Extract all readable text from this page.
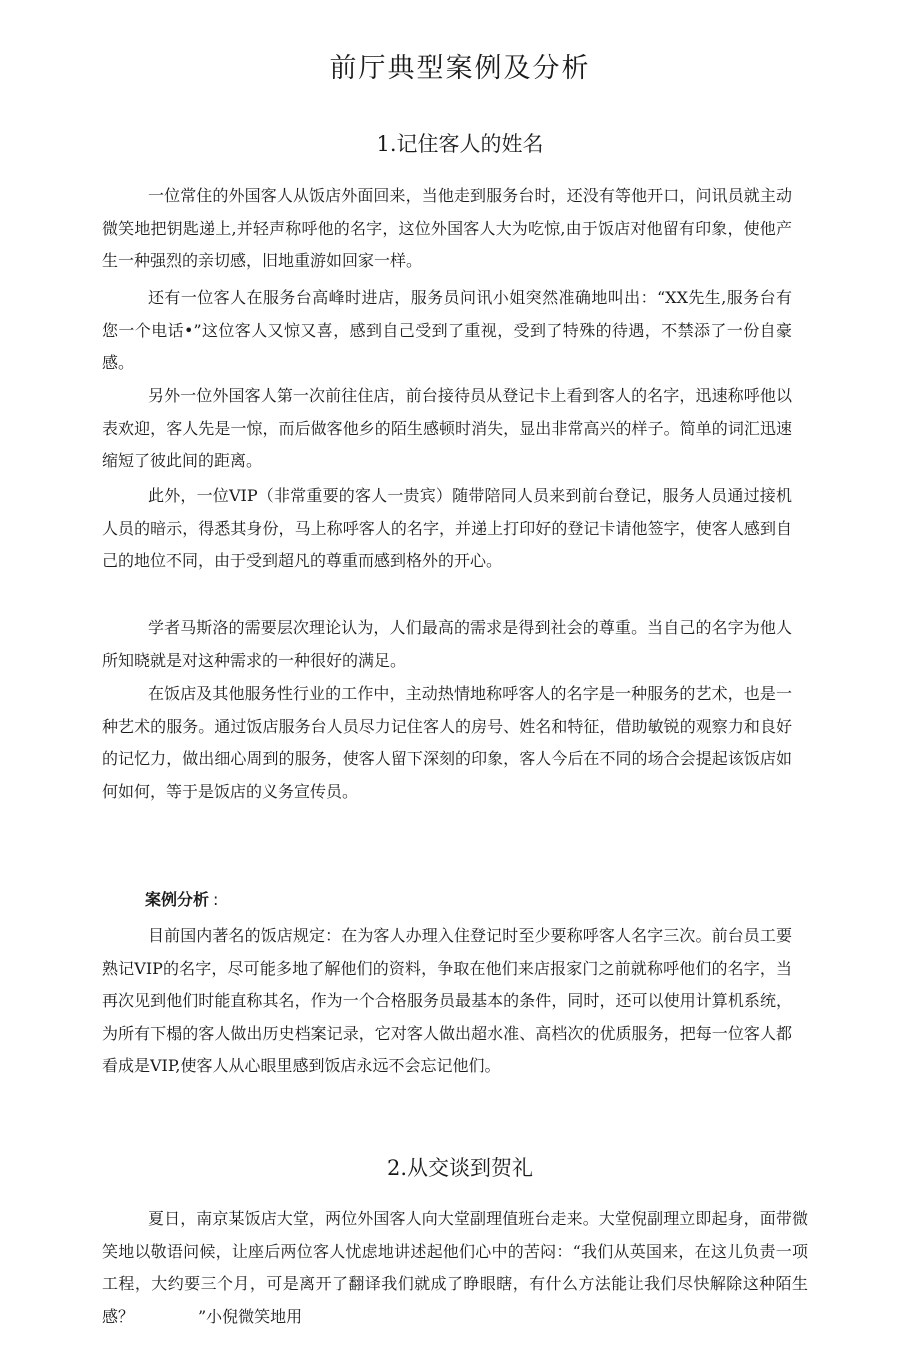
前厅典型案例及分析
1.记住客人的姓名

一位常住的外国客人从饭店外面回来，当他走到服务台时，还没有等他开口，问讯员就主动微笑地把钥匙递上,并轻声称呼他的名字，这位外国客人大为吃惊,由于饭店对他留有印象，使他产生一种强烈的亲切感，旧地重游如回家一样。

还有一位客人在服务台高峰时进店，服务员问讯小姐突然准确地叫出：“XX先生,服务台有您一个电话•”这位客人又惊又喜，感到自己受到了重视，受到了特殊的待遇，不禁添了一份自豪感。

另外一位外国客人第一次前往住店，前台接待员从登记卡上看到客人的名字，迅速称呼他以表欢迎，客人先是一惊，而后做客他乡的陌生感顿时消失，显出非常高兴的样子。简单的词汇迅速缩短了彼此间的距离。

此外，一位VIP（非常重要的客人一贵宾）随带陪同人员来到前台登记，服务人员通过接机人员的暗示，得悉其身份，马上称呼客人的名字，并递上打印好的登记卡请他签字，使客人感到自己的地位不同，由于受到超凡的尊重而感到格外的开心。

学者马斯洛的需要层次理论认为，人们最高的需求是得到社会的尊重。当自己的名字为他人所知晓就是对这种需求的一种很好的满足。

在饭店及其他服务性行业的工作中，主动热情地称呼客人的名字是一种服务的艺术，也是一种艺术的服务。通过饭店服务台人员尽力记住客人的房号、姓名和特征，借助敏锐的观察力和良好的记忆力，做出细心周到的服务，使客人留下深刻的印象，客人今后在不同的场合会提起该饭店如何如何，等于是饭店的义务宣传员。

案例分析 :

目前国内著名的饭店规定：在为客人办理入住登记时至少要称呼客人名字三次。前台员工要熟记VIP的名字，尽可能多地了解他们的资料，争取在他们来店报家门之前就称呼他们的名字，当再次见到他们时能直称其名，作为一个合格服务员最基本的条件，同时，还可以使用计算机系统，为所有下榻的客人做出历史档案记录，它对客人做出超水准、高档次的优质服务，把每一位客人都看成是VIP,使客人从心眼里感到饭店永远不会忘记他们。

2.从交谈到贺礼

夏日，南京某饭店大堂，两位外国客人向大堂副理值班台走来。大堂倪副理立即起身，面带微笑地以敬语问候，让座后两位客人忧虑地讲述起他们心中的苦闷：“我们从英国来，在这儿负责一项工程，大约要三个月，可是离开了翻译我们就成了睁眼瞎，有什么方法能让我们尽快解除这种陌生感？　　　　”小倪微笑地用
